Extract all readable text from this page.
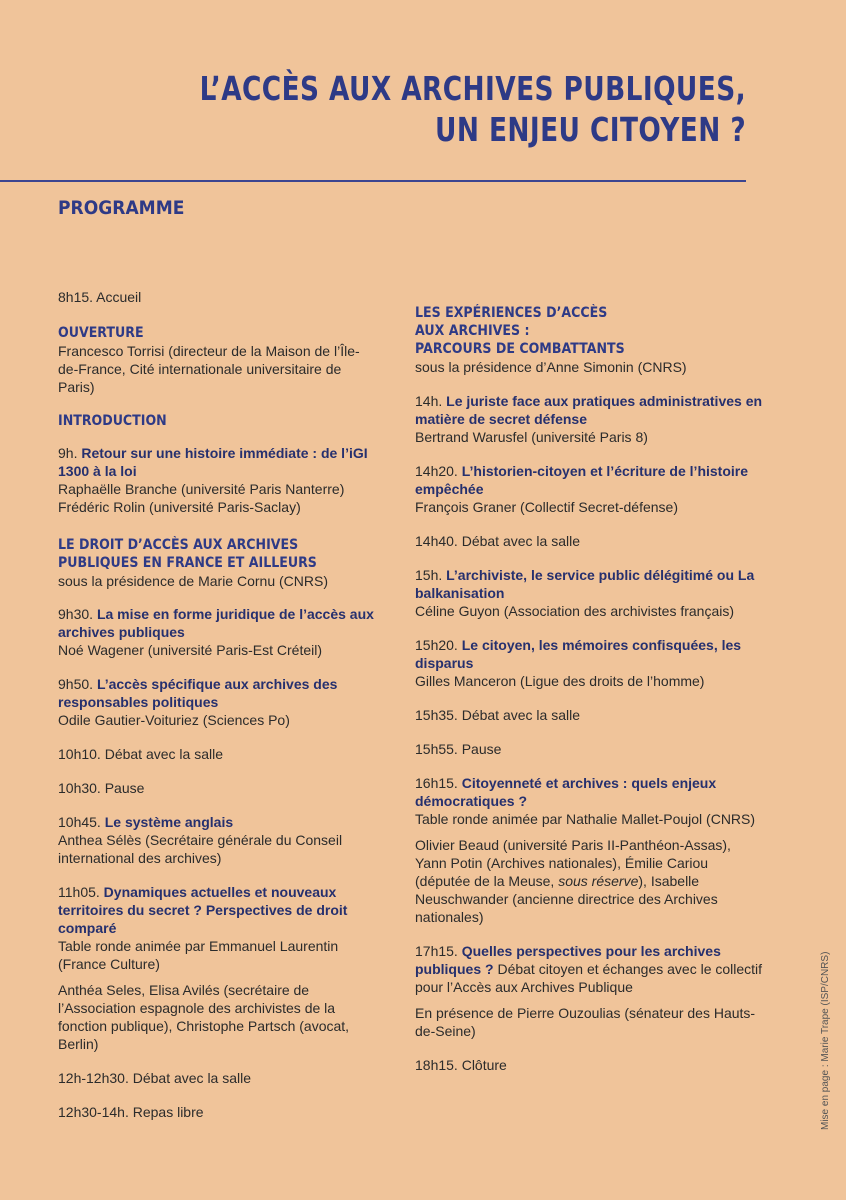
L’ACCÈS AUX ARCHIVES PUBLIQUES,
UN ENJEU CITOYEN ?
PROGRAMME

8h15. Accueil

OUVERTURE

Francesco Torrisi (directeur de la Maison de l’Île-de-France, Cité internationale universitaire de Paris)

INTRODUCTION

9h. Retour sur une histoire immédiate : de l’iGI 1300 à la loi

Raphaëlle Branche (université Paris Nanterre)

Frédéric Rolin (université Paris-Saclay)

LE DROIT D’ACCÈS AUX ARCHIVES

PUBLIQUES EN FRANCE ET AILLEURS

sous la présidence de Marie Cornu (CNRS)

9h30. La mise en forme juridique de l’accès aux archives publiques

Noé Wagener (université Paris-Est Créteil)

9h50. L’accès spécifique aux archives des responsables politiques

Odile Gautier-Voituriez (Sciences Po)

10h10. Débat avec la salle

10h30. Pause

10h45. Le système anglais

Anthea Sélès (Secrétaire générale du Conseil international des archives)

11h05. Dynamiques actuelles et nouveaux territoires du secret ? Perspectives de droit comparé

Table ronde animée par Emmanuel Laurentin (France Culture)

Anthéa Seles, Elisa Avilés (secrétaire de l’Association espagnole des archivistes de la fonction publique), Christophe Partsch (avocat, Berlin)

12h-12h30. Débat avec la salle

12h30-14h. Repas libre

LES EXPÉRIENCES D’ACCÈS

AUX ARCHIVES :

PARCOURS DE COMBATTANTS

sous la présidence d’Anne Simonin (CNRS)

14h. Le juriste face aux pratiques administratives en matière de secret défense

Bertrand Warusfel (université Paris 8)

14h20. L’historien-citoyen et l’écriture de l’histoire empêchée

François Graner (Collectif Secret-défense)

14h40. Débat avec la salle

15h. L’archiviste, le service public délégitimé ou La balkanisation

Céline Guyon (Association des archivistes français)

15h20. Le citoyen, les mémoires confisquées, les disparus

Gilles Manceron (Ligue des droits de l’homme)

15h35. Débat avec la salle

15h55. Pause

16h15. Citoyenneté et archives : quels enjeux démocratiques ?

Table ronde animée par Nathalie Mallet-Poujol (CNRS)

Olivier Beaud (université Paris II-Panthéon-Assas), Yann Potin (Archives nationales), Émilie Cariou (députée de la Meuse, sous réserve), Isabelle Neuschwander (ancienne directrice des Archives nationales)

17h15. Quelles perspectives pour les archives publiques ? Débat citoyen et échanges avec le collectif pour l’Accès aux Archives Publique

En présence de Pierre Ouzoulias (sénateur des Hauts-de-Seine)

18h15. Clôture	Mise en page : Marie Trape (ISP/CNRS)
